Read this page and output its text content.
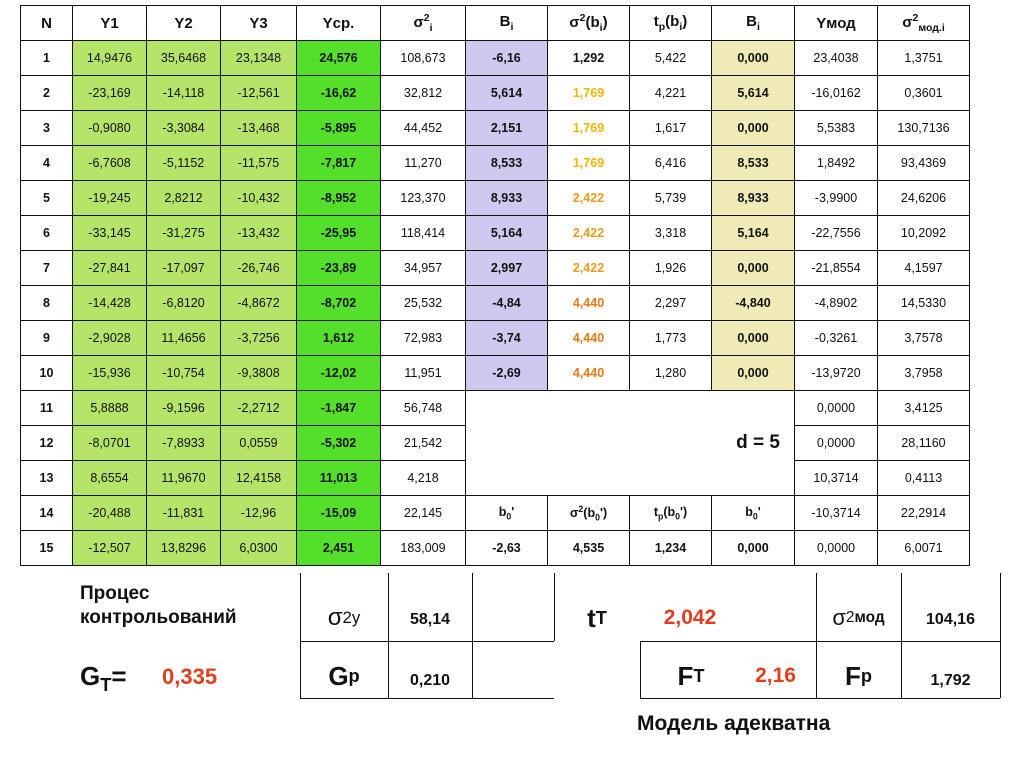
N	Y1	Y2	Y3	Yср.	$\sigma^2_i$	$B_i$	$\sigma^2(b_i)$	$t_p(b_i)$	$B_i$	Yмод	$\sigma^2_{мод.i}$
1	14,9476	35,6468	23,1348	24,576	108,673	-6,16	1,292	5,422	0,000	23,4038	1,3751
2	-23,169	-14,118	-12,561	-16,62	32,812	5,614	1,769	4,221	5,614	-16,0162	0,3601
3	-0,9080	-3,3084	-13,468	-5,895	44,452	2,151	1,769	1,617	0,000	5,5383	130,7136
4	-6,7608	-5,1152	-11,575	-7,817	11,270	8,533	1,769	6,416	8,533	1,8492	93,4369
5	-19,245	2,8212	-10,432	-8,952	123,370	8,933	2,422	5,739	8,933	-3,9900	24,6206
6	-33,145	-31,275	-13,432	-25,95	118,414	5,164	2,422	3,318	5,164	-22,7556	10,2092
7	-27,841	-17,097	-26,746	-23,89	34,957	2,997	2,422	1,926	0,000	-21,8554	4,1597
8	-14,428	-6,8120	-4,8672	-8,702	25,532	-4,84	4,440	2,297	-4,840	-4,8902	14,5330
9	-2,9028	11,4656	-3,7256	1,612	72,983	-3,74	4,440	1,773	0,000	-0,3261	3,7578
10	-15,936	-10,754	-9,3808	-12,02	11,951	-2,69	4,440	1,280	0,000	-13,9720	3,7958
11	5,8888	-9,1596	-2,2712	-1,847	56,748					0,0000	3,4125
12	-8,0701	-7,8933	0,0559	-5,302	21,542	d = 5				0,0000	28,1160
13	8,6554	11,9670	12,4158	11,013	4,218					10,3714	0,4113
14	-20,488	-11,831	-12,96	-15,09	22,145	$b_0'$	$\sigma^2(b_0')$	$t_p(b_0')$	$b_0'$	-10,3714	22,2914
15	-12,507	13,8296	6,0300	2,451	183,009	-2,63	4,535	1,234	0,000	0,0000	6,0071
Процес
контрольований	σ 2 y	58,14	t T	2,042	σ 2 мод	104,16
$G_T= 0,335$	G p	0,210	F T	2,16	F p	1,792
Модель адекватна
